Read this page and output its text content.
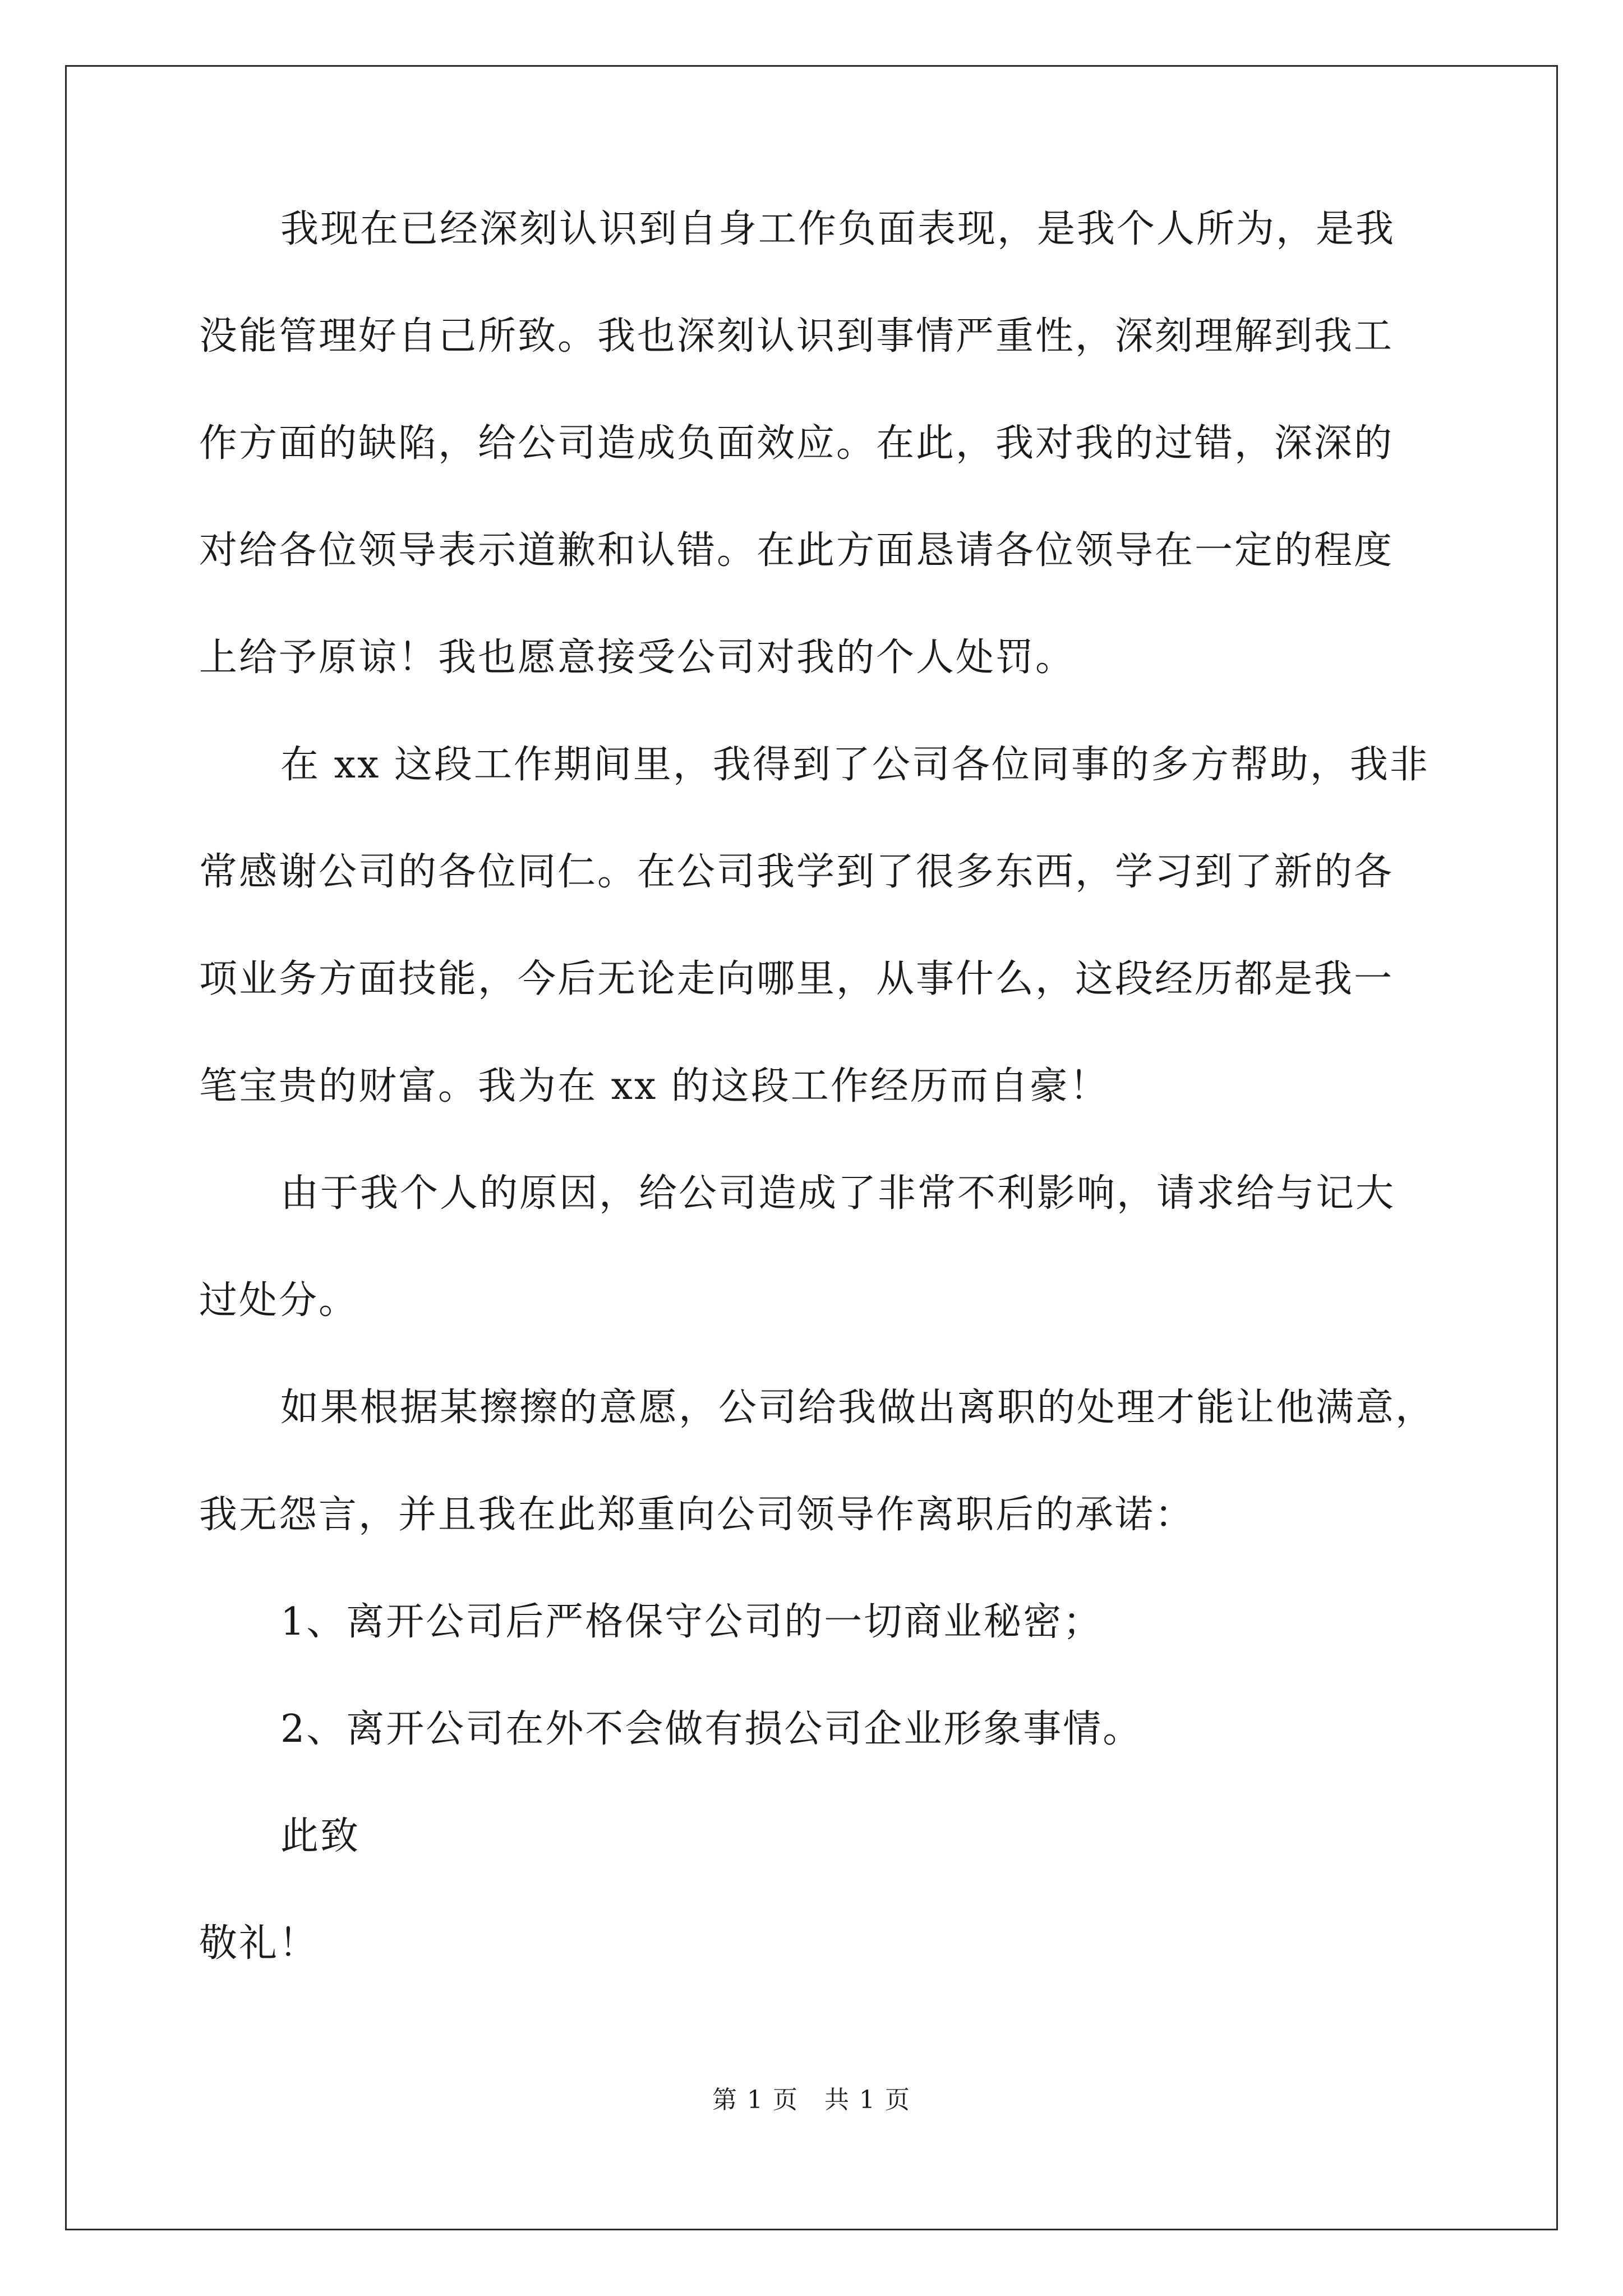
我现在已经深刻认识到自身工作负面表现，是我个人所为，是我
没能管理好自己所致。我也深刻认识到事情严重性，深刻理解到我工
作方面的缺陷，给公司造成负面效应。在此，我对我的过错，深深的
对给各位领导表示道歉和认错。在此方面恳请各位领导在一定的程度
上给予原谅！我也愿意接受公司对我的个人处罚。
在 xx 这段工作期间里，我得到了公司各位同事的多方帮助，我非
常感谢公司的各位同仁。在公司我学到了很多东西，学习到了新的各
项业务方面技能，今后无论走向哪里，从事什么，这段经历都是我一
笔宝贵的财富。我为在 xx 的这段工作经历而自豪！
由于我个人的原因，给公司造成了非常不利影响，请求给与记大
过处分。
如果根据某擦擦的意愿，公司给我做出离职的处理才能让他满意，
我无怨言，并且我在此郑重向公司领导作离职后的承诺：
1、离开公司后严格保守公司的一切商业秘密；
2、离开公司在外不会做有损公司企业形象事情。
此致
敬礼！
第 1 页　共 1 页
